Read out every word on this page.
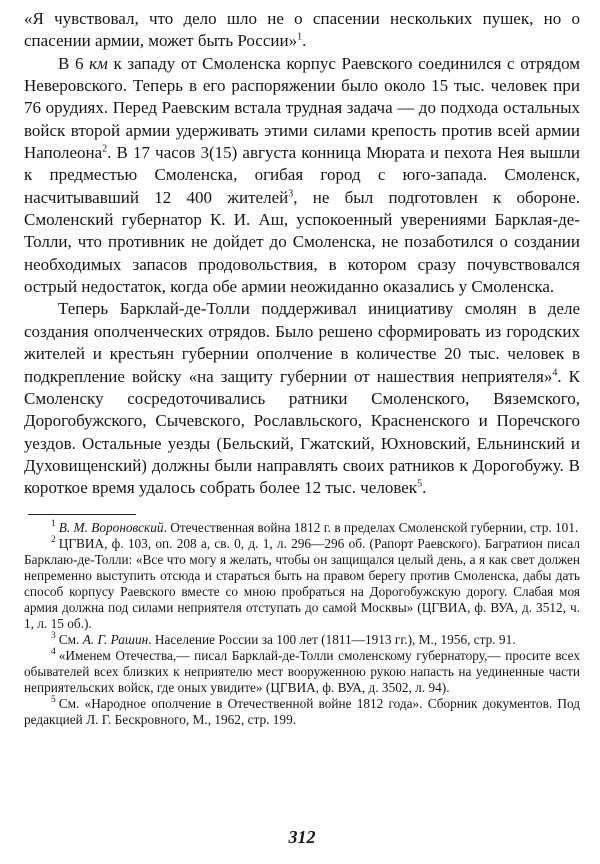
«Я чувствовал, что дело шло не о спасении нескольких пушек, но о спасении армии, может быть России»$^1$.

В 6 км к западу от Смоленска корпус Раевского соединился с отрядом Неверовского. Теперь в его распоряжении было около 15 тыс. человек при 76 орудиях. Перед Раевским встала трудная задача — до подхода остальных войск второй армии удерживать этими силами крепость против всей армии Наполеона$^2$. В 17 часов 3(15) августа конница Мюрата и пехота Нея вышли к предместью Смоленска, огибая город с юго-запада. Смоленск, насчитывавший 12 400 жителей$^3$, не был подготовлен к обороне. Смоленский губернатор К. И. Аш, успокоенный уверениями Барклая-де-Толли, что противник не дойдет до Смоленска, не позаботился о создании необходимых запасов продовольствия, в котором сразу почувствовался острый недостаток, когда обе армии неожиданно оказались у Смоленска.

Теперь Барклай-де-Толли поддерживал инициативу смолян в деле создания ополченческих отрядов. Было решено сформировать из городских жителей и крестьян губернии ополчение в количестве 20 тыс. человек в подкрепление войску «на защиту губернии от нашествия неприятеля»$^4$. К Смоленску сосредоточивались ратники Смоленского, Вяземского, Дорогобужского, Сычевского, Рославльского, Красненского и Поречского уездов. Остальные уезды (Бельский, Гжатский, Юхновский, Ельнинский и Духовищенский) должны были направлять своих ратников к Дорогобужу. В короткое время удалось собрать более 12 тыс. человек$^5$.

$^1$ В. М. Вороновский. Отечественная война 1812 г. в пределах Смоленской губернии, стр. 101.

$^2$ ЦГВИА, ф. 103, оп. 208 а, св. 0, д. 1, л. 296—296 об. (Рапорт Раевского). Багратион писал Барклаю-де-Толли: «Все что могу я желать, чтобы он защищался целый день, а я как свет должен непременно выступить отсюда и стараться быть на правом берегу против Смоленска, дабы дать способ корпусу Раевского вместе со мною пробраться на Дорогобужскую дорогу. Слабая моя армия должна под силами неприятеля отступать до самой Москвы» (ЦГВИА, ф. ВУА, д. 3512, ч. 1, л. 15 об.).

$^3$ См. А. Г. Рашин. Население России за 100 лет (1811—1913 гг.), М., 1956, стр. 91.

$^4$ «Именем Отечества,— писал Барклай-де-Толли смоленскому губернатору,— просите всех обывателей всех близких к неприятелю мест вооруженною рукою напасть на уединенные части неприятельских войск, где оных увидите» (ЦГВИА, ф. ВУА, д. 3502, л. 94).

$^5$ См. «Народное ополчение в Отечественной войне 1812 года». Сборник документов. Под редакцией Л. Г. Бескровного, М., 1962, стр. 199.

312
